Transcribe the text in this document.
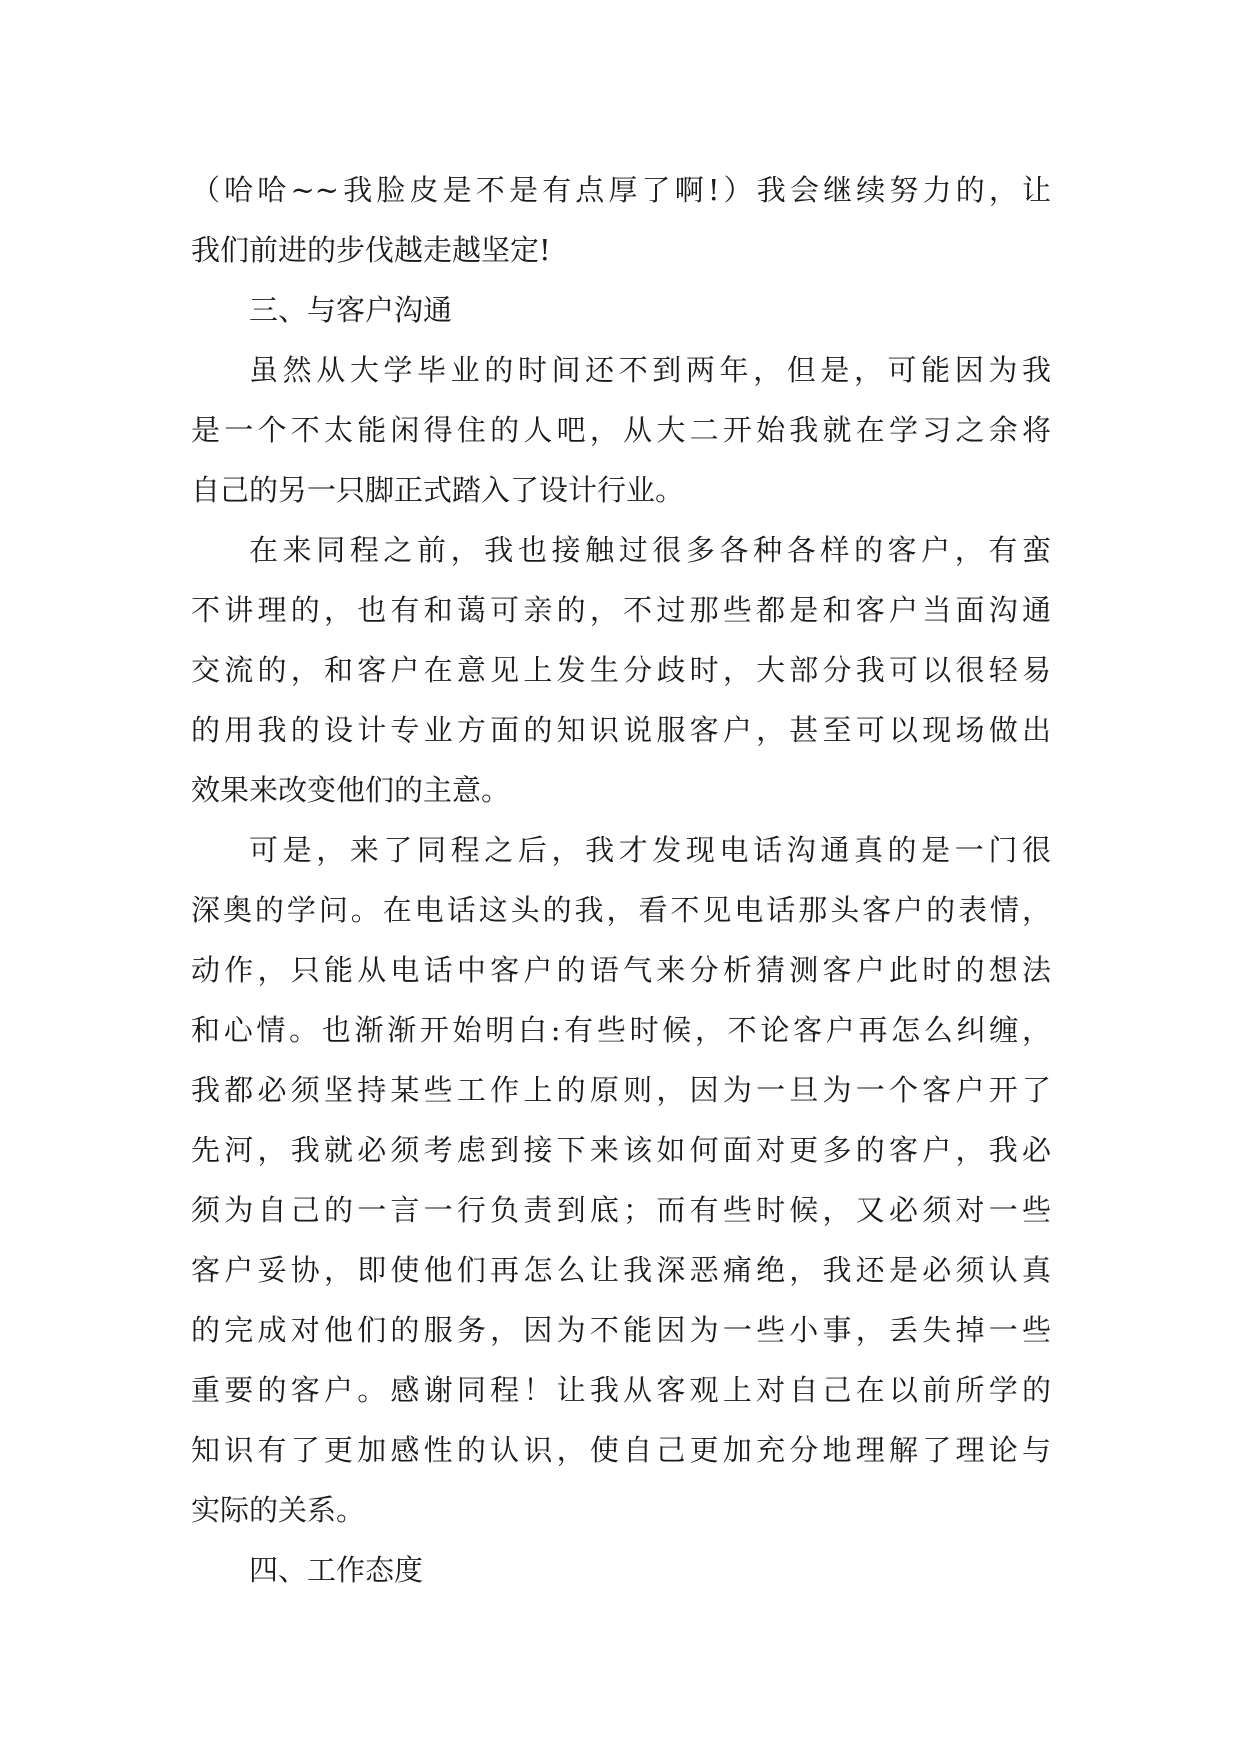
（哈哈~~我脸皮是不是有点厚了啊!）我会继续努力的，让
我们前进的步伐越走越坚定!
三、与客户沟通
虽然从大学毕业的时间还不到两年，但是，可能因为我
是一个不太能闲得住的人吧，从大二开始我就在学习之余将
自己的另一只脚正式踏入了设计行业。
在来同程之前，我也接触过很多各种各样的客户，有蛮
不讲理的，也有和蔼可亲的，不过那些都是和客户当面沟通
交流的，和客户在意见上发生分歧时，大部分我可以很轻易
的用我的设计专业方面的知识说服客户，甚至可以现场做出
效果来改变他们的主意。
可是，来了同程之后，我才发现电话沟通真的是一门很
深奥的学问。在电话这头的我，看不见电话那头客户的表情，
动作，只能从电话中客户的语气来分析猜测客户此时的想法
和心情。也渐渐开始明白:有些时候，不论客户再怎么纠缠，
我都必须坚持某些工作上的原则，因为一旦为一个客户开了
先河，我就必须考虑到接下来该如何面对更多的客户，我必
须为自己的一言一行负责到底；而有些时候，又必须对一些
客户妥协，即使他们再怎么让我深恶痛绝，我还是必须认真
的完成对他们的服务，因为不能因为一些小事，丢失掉一些
重要的客户。感谢同程！让我从客观上对自己在以前所学的
知识有了更加感性的认识，使自己更加充分地理解了理论与
实际的关系。
四、工作态度
